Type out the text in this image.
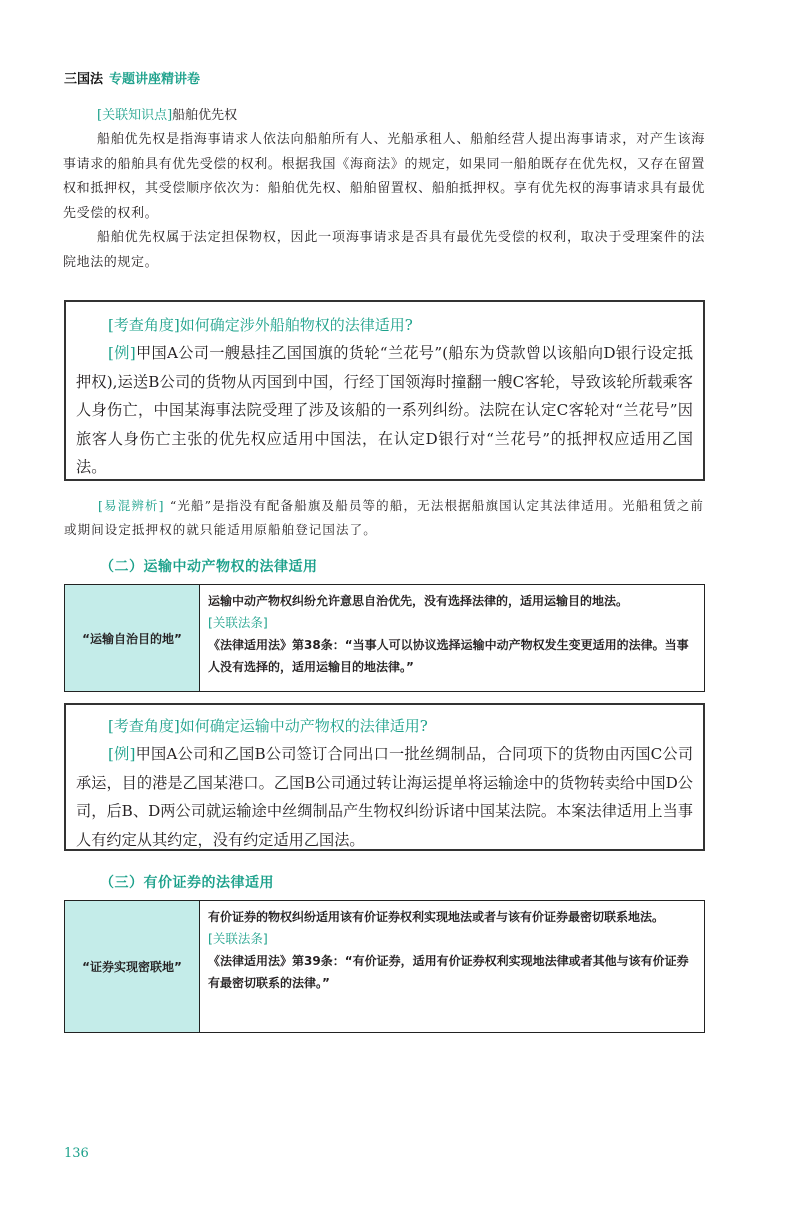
三国法 专题讲座精讲卷

[关联知识点]船舶优先权

船舶优先权是指海事请求人依法向船舶所有人、光船承租人、船舶经营人提出海事请求，对产生该海事请求的船舶具有优先受偿的权利。根据我国《海商法》的规定，如果同一船舶既存在优先权，又存在留置权和抵押权，其受偿顺序依次为：船舶优先权、船舶留置权、船舶抵押权。享有优先权的海事请求具有最优先受偿的权利。

船舶优先权属于法定担保物权，因此一项海事请求是否具有最优先受偿的权利，取决于受理案件的法院地法的规定。

[考查角度]如何确定涉外船舶物权的法律适用?

[例]甲国A公司一艘悬挂乙国国旗的货轮“兰花号”(船东为贷款曾以该船向D银行设定抵押权),运送B公司的货物从丙国到中国，行经丁国领海时撞翻一艘C客轮，导致该轮所载乘客人身伤亡，中国某海事法院受理了涉及该船的一系列纠纷。法院在认定C客轮对“兰花号”因旅客人身伤亡主张的优先权应适用中国法，在认定D银行对“兰花号”的抵押权应适用乙国法。

[易混辨析] “光船”是指没有配备船旗及船员等的船，无法根据船旗国认定其法律适用。光船租赁之前或期间设定抵押权的就只能适用原船舶登记国法了。

（二）运输中动产物权的法律适用

“运输自治目的地”

运输中动产物权纠纷允许意思自治优先，没有选择法律的，适用运输目的地法。

[关联法条]

《法律适用法》第38条：“当事人可以协议选择运输中动产物权发生变更适用的法律。当事人没有选择的，适用运输目的地法律。”

[考查角度]如何确定运输中动产物权的法律适用?

[例]甲国A公司和乙国B公司签订合同出口一批丝绸制品，合同项下的货物由丙国C公司承运，目的港是乙国某港口。乙国B公司通过转让海运提单将运输途中的货物转卖给中国D公司，后B、D两公司就运输途中丝绸制品产生物权纠纷诉诸中国某法院。本案法律适用上当事人有约定从其约定，没有约定适用乙国法。

（三）有价证券的法律适用

“证券实现密联地”

有价证券的物权纠纷适用该有价证券权利实现地法或者与该有价证券最密切联系地法。

[关联法条]

《法律适用法》第39条：“有价证券，适用有价证券权利实现地法律或者其他与该有价证券有最密切联系的法律。”

136
